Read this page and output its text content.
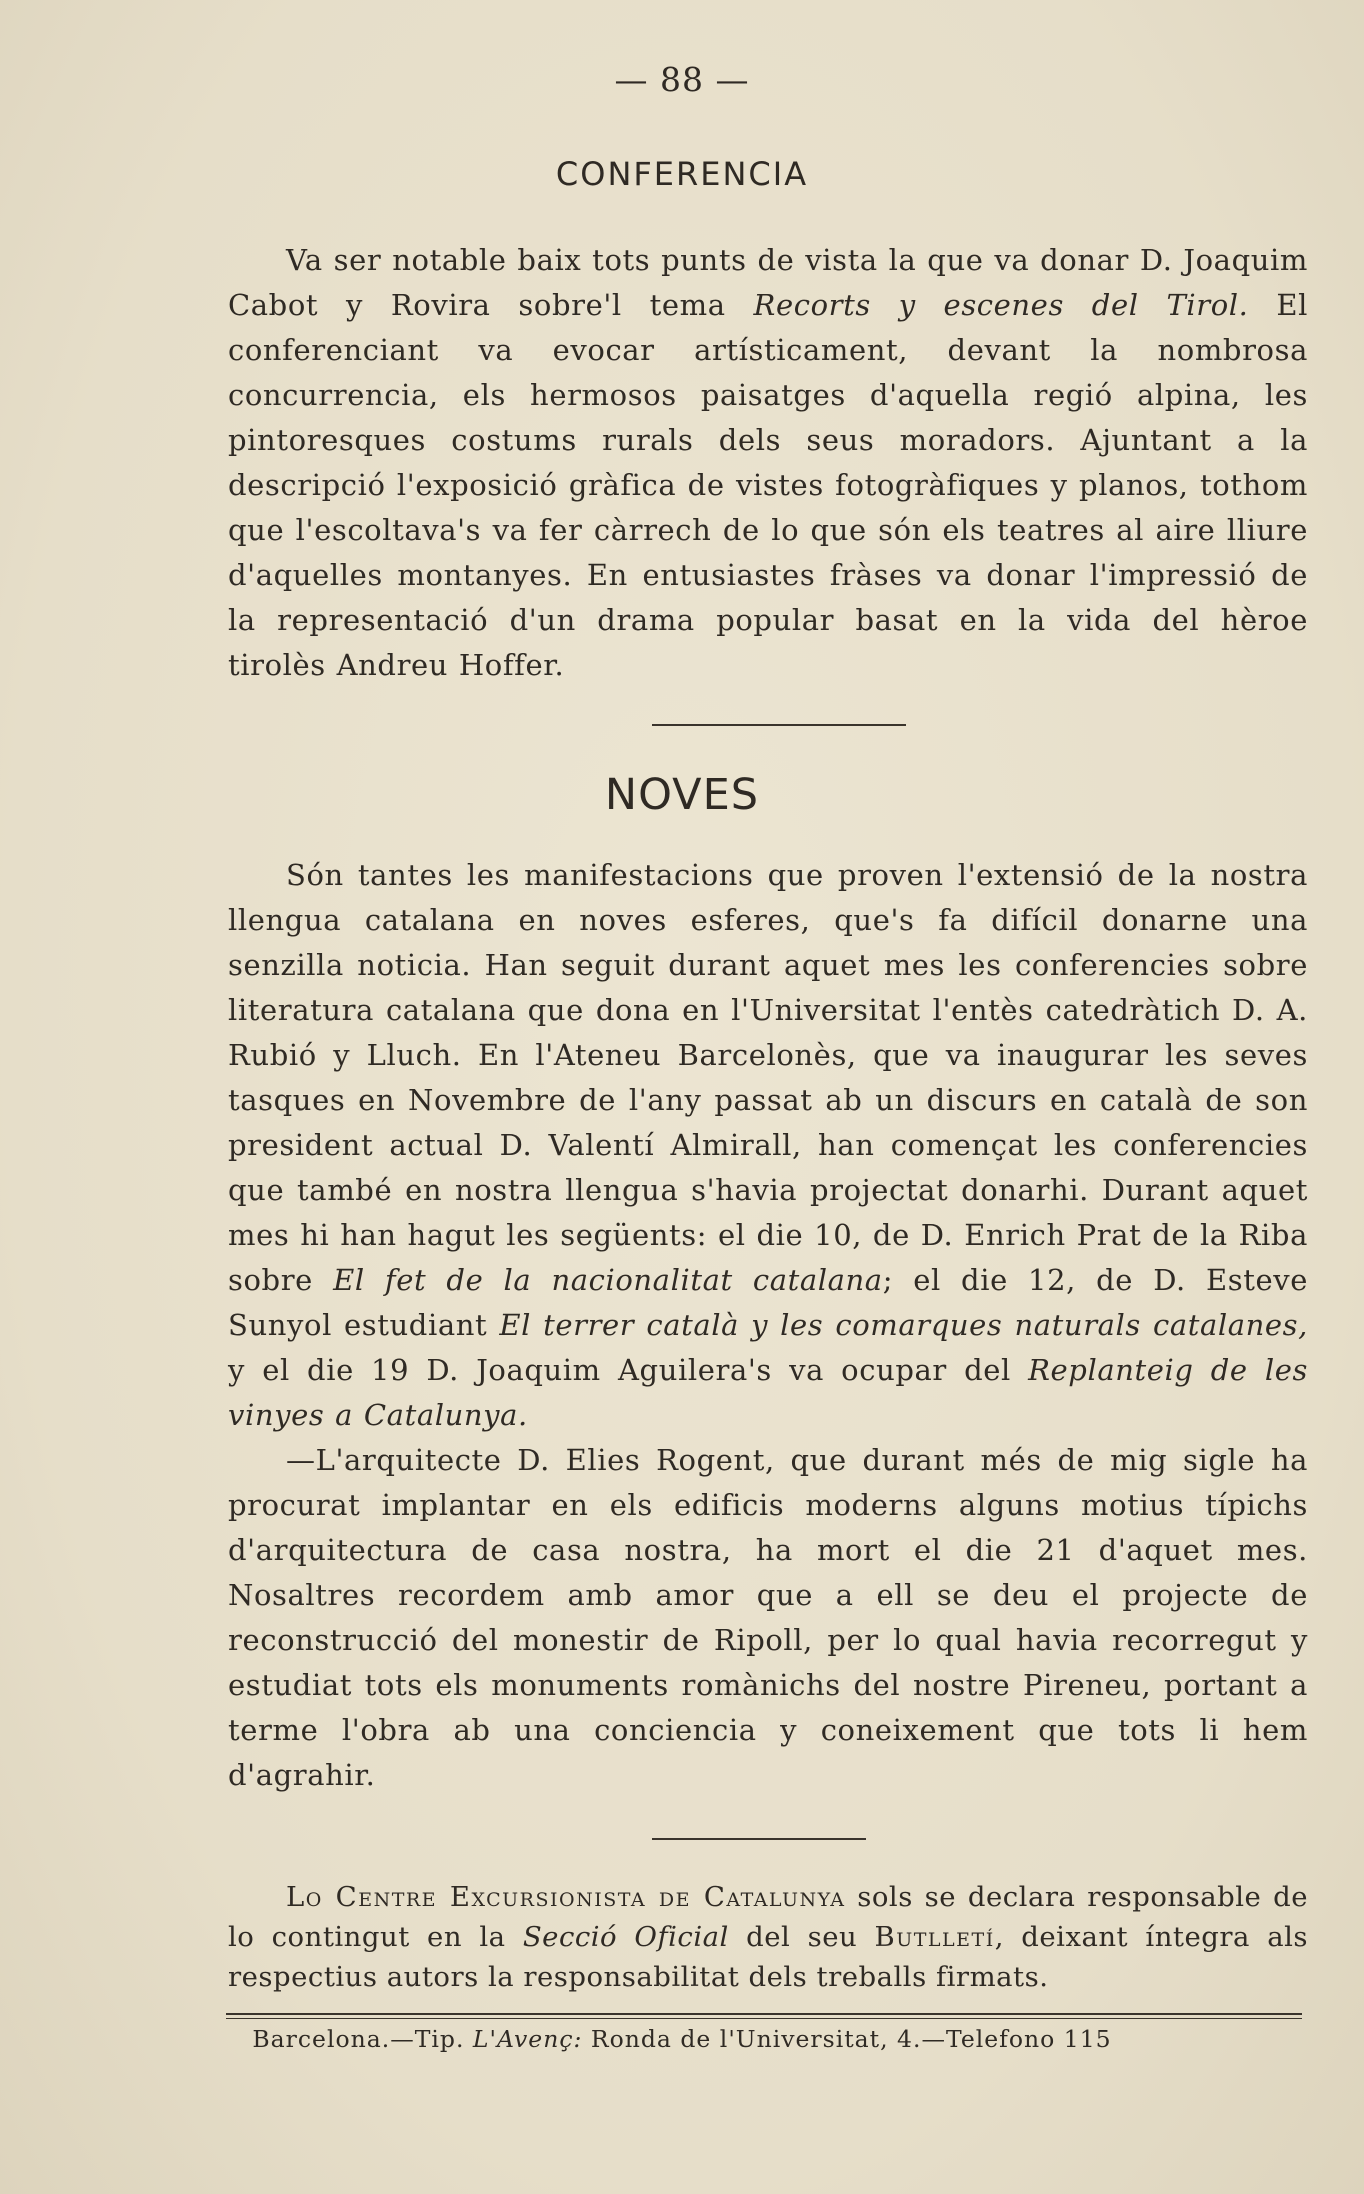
— 88 —
CONFERENCIA

Va ser notable baix tots punts de vista la que va donar D. Joaquim Cabot y Rovira sobre'l tema Recorts y escenes del Tirol. El conferenciant va evocar artísticament, devant la nombrosa concurrencia, els hermosos paisatges d'aquella regió alpina, les pintoresques costums rurals dels seus moradors. Ajuntant a la descripció l'exposició gràfica de vistes fotogràfiques y planos, tothom que l'escoltava's va fer càrrech de lo que són els teatres al aire lliure d'aquelles montanyes. En entusiastes fràses va donar l'impressió de la representació d'un drama popular basat en la vida del hèroe tirolès Andreu Hoffer.

NOVES

Són tantes les manifestacions que proven l'extensió de la nostra llengua catalana en noves esferes, que's fa difícil donarne una senzilla noticia. Han seguit durant aquet mes les conferencies sobre literatura catalana que dona en l'Universitat l'entès catedràtich D. A. Rubió y Lluch. En l'Ateneu Barcelonès, que va inaugurar les seves tasques en Novembre de l'any passat ab un discurs en català de son president actual D. Valentí Almirall, han començat les conferencies que també en nostra llengua s'havia projectat donarhi. Durant aquet mes hi han hagut les següents: el die 10, de D. Enrich Prat de la Riba sobre El fet de la nacionalitat catalana; el die 12, de D. Esteve Sunyol estudiant El terrer català y les comarques naturals catalanes, y el die 19 D. Joaquim Aguilera's va ocupar del Replanteig de les vinyes a Catalunya.

—L'arquitecte D. Elies Rogent, que durant més de mig sigle ha procurat implantar en els edificis moderns alguns motius típichs d'arquitectura de casa nostra, ha mort el die 21 d'aquet mes. Nosaltres recordem amb amor que a ell se deu el projecte de reconstrucció del monestir de Ripoll, per lo qual havia recorregut y estudiat tots els monuments romànichs del nostre Pireneu, portant a terme l'obra ab una conciencia y coneixement que tots li hem d'agrahir.

Lo Centre Excursionista de Catalunya sols se declara responsable de lo contingut en la Secció Oficial del seu Butlletí, deixant íntegra als respectius autors la responsabilitat dels treballs firmats.

Barcelona.—Tip. L'Avenç: Ronda de l'Universitat, 4.—Telefono 115
